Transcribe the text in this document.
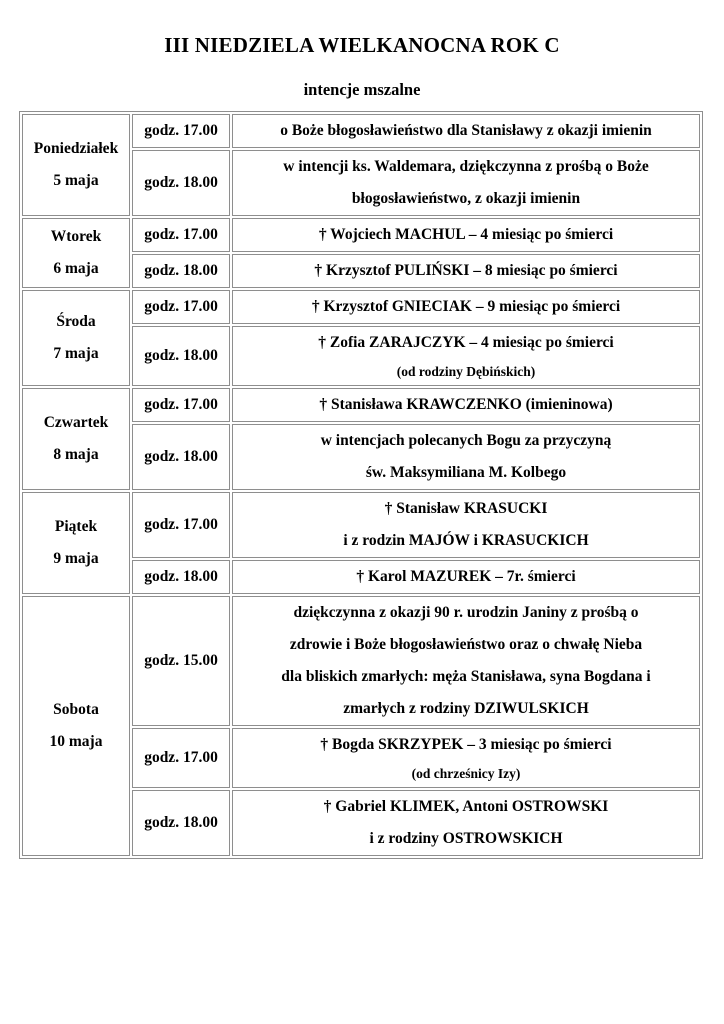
III NIEDZIELA WIELKANOCNA ROK C
intencje mszalne
Poniedziałek
5 maja	godz. 17.00	o Boże błogosławieństwo dla Stanisławy z okazji imienin

	godz. 18.00	w intencji ks. Waldemara, dziękczynna z prośbą o Boże
błogosławieństwo, z okazji imienin

Wtorek
6 maja	godz. 17.00	† Wojciech MACHUL – 4 miesiąc po śmierci

	godz. 18.00	† Krzysztof PULIŃSKI – 8 miesiąc po śmierci

Środa
7 maja	godz. 17.00	† Krzysztof GNIECIAK – 9 miesiąc po śmierci

	godz. 18.00	† Zofia ZARAJCZYK – 4 miesiąc po śmierci
(od rodziny Dębińskich)

Czwartek
8 maja	godz. 17.00	† Stanisława KRAWCZENKO (imieninowa)

	godz. 18.00	w intencjach polecanych Bogu za przyczyną
św. Maksymiliana M. Kolbego

Piątek
9 maja	godz. 17.00	† Stanisław KRASUCKI
i z rodzin MAJÓW i KRASUCKICH

	godz. 18.00	† Karol MAZUREK – 7r. śmierci

Sobota
10 maja	godz. 15.00	dziękczynna z okazji 90 r. urodzin Janiny z prośbą o
zdrowie i Boże błogosławieństwo oraz o chwałę Nieba
dla bliskich zmarłych: męża Stanisława, syna Bogdana i
zmarłych z rodziny DZIWULSKICH

	godz. 17.00	† Bogda SKRZYPEK – 3 miesiąc po śmierci
(od chrześnicy Izy)

	godz. 18.00	† Gabriel KLIMEK, Antoni OSTROWSKI
i z rodziny OSTROWSKICH
